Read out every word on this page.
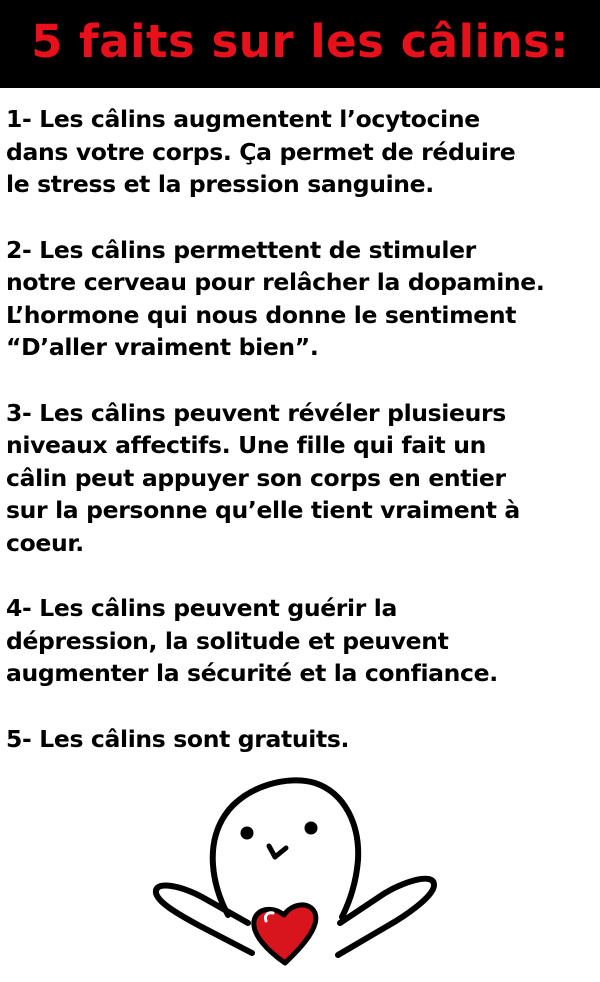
5 faits sur les câlins:

1- Les câlins augmentent l’ocytocine
dans votre corps. Ça permet de réduire
le stress et la pression sanguine.

2- Les câlins permettent de stimuler
notre cerveau pour relâcher la dopamine.
L’hormone qui nous donne le sentiment
“D’aller vraiment bien”.

3- Les câlins peuvent révéler plusieurs
niveaux affectifs. Une fille qui fait un
câlin peut appuyer son corps en entier
sur la personne qu’elle tient vraiment à
coeur.

4- Les câlins peuvent guérir la
dépression, la solitude et peuvent
augmenter la sécurité et la confiance.

5- Les câlins sont gratuits.
